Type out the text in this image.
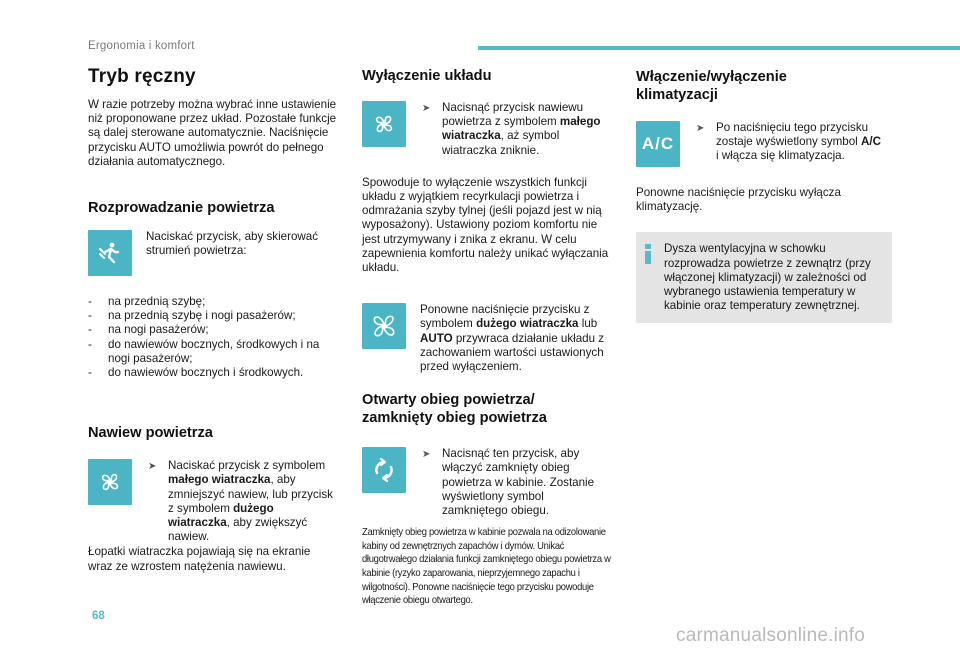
Ergonomia i komfort
Tryb ręczny

W razie potrzeby można wybrać inne ustawienie niż proponowane przez układ. Pozostałe funkcje są dalej sterowane automatycznie. Naciśnięcie przycisku AUTO umożliwia powrót do pełnego działania automatycznego.

Rozprowadzanie powietrza

Naciskać przycisk, aby skierować strumień powietrza:

- na przednią szybę;
- na przednią szybę i nogi pasażerów;
- na nogi pasażerów;
- do nawiewów bocznych, środkowych i na nogi pasażerów;
- do nawiewów bocznych i środkowych.
Nawiew powietrza

➤ Naciskać przycisk z symbolem małego wiatraczka, aby zmniejszyć nawiew, lub przycisk z symbolem dużego wiatraczka, aby zwiększyć nawiew.

Łopatki wiatraczka pojawiają się na ekranie wraz ze wzrostem natężenia nawiewu.

Wyłączenie układu

➤ Nacisnąć przycisk nawiewu powietrza z symbolem małego wiatraczka, aż symbol wiatraczka zniknie.

Spowoduje to wyłączenie wszystkich funkcji układu z wyjątkiem recyrkulacji powietrza i odmrażania szyby tylnej (jeśli pojazd jest w nią wyposażony). Ustawiony poziom komfortu nie jest utrzymywany i znika z ekranu. W celu zapewnienia komfortu należy unikać wyłączania układu.

Ponowne naciśnięcie przycisku z symbolem dużego wiatraczka lub AUTO przywraca działanie układu z zachowaniem wartości ustawionych przed wyłączeniem.

Otwarty obieg powietrza/ zamknięty obieg powietrza

➤ Nacisnąć ten przycisk, aby włączyć zamknięty obieg powietrza w kabinie. Zostanie wyświetlony symbol zamkniętego obiegu.

Zamknięty obieg powietrza w kabinie pozwala na odizolowanie kabiny od zewnętrznych zapachów i dymów. Unikać długotrwałego działania funkcji zamkniętego obiegu powietrza w kabinie (ryzyko zaparowania, nieprzyjemnego zapachu i wilgotności). Ponowne naciśnięcie tego przycisku powoduje włączenie obiegu otwartego.

Włączenie/wyłączenie klimatyzacji
A/C

➤ Po naciśnięciu tego przycisku zostaje wyświetlony symbol A/C i włącza się klimatyzacja.

Ponowne naciśnięcie przycisku wyłącza klimatyzację.

Dysza wentylacyjna w schowku rozprowadza powietrze z zewnątrz (przy włączonej klimatyzacji) w zależności od wybranego ustawienia temperatury w kabinie oraz temperatury zewnętrznej.

68
carmanualsonline.info
